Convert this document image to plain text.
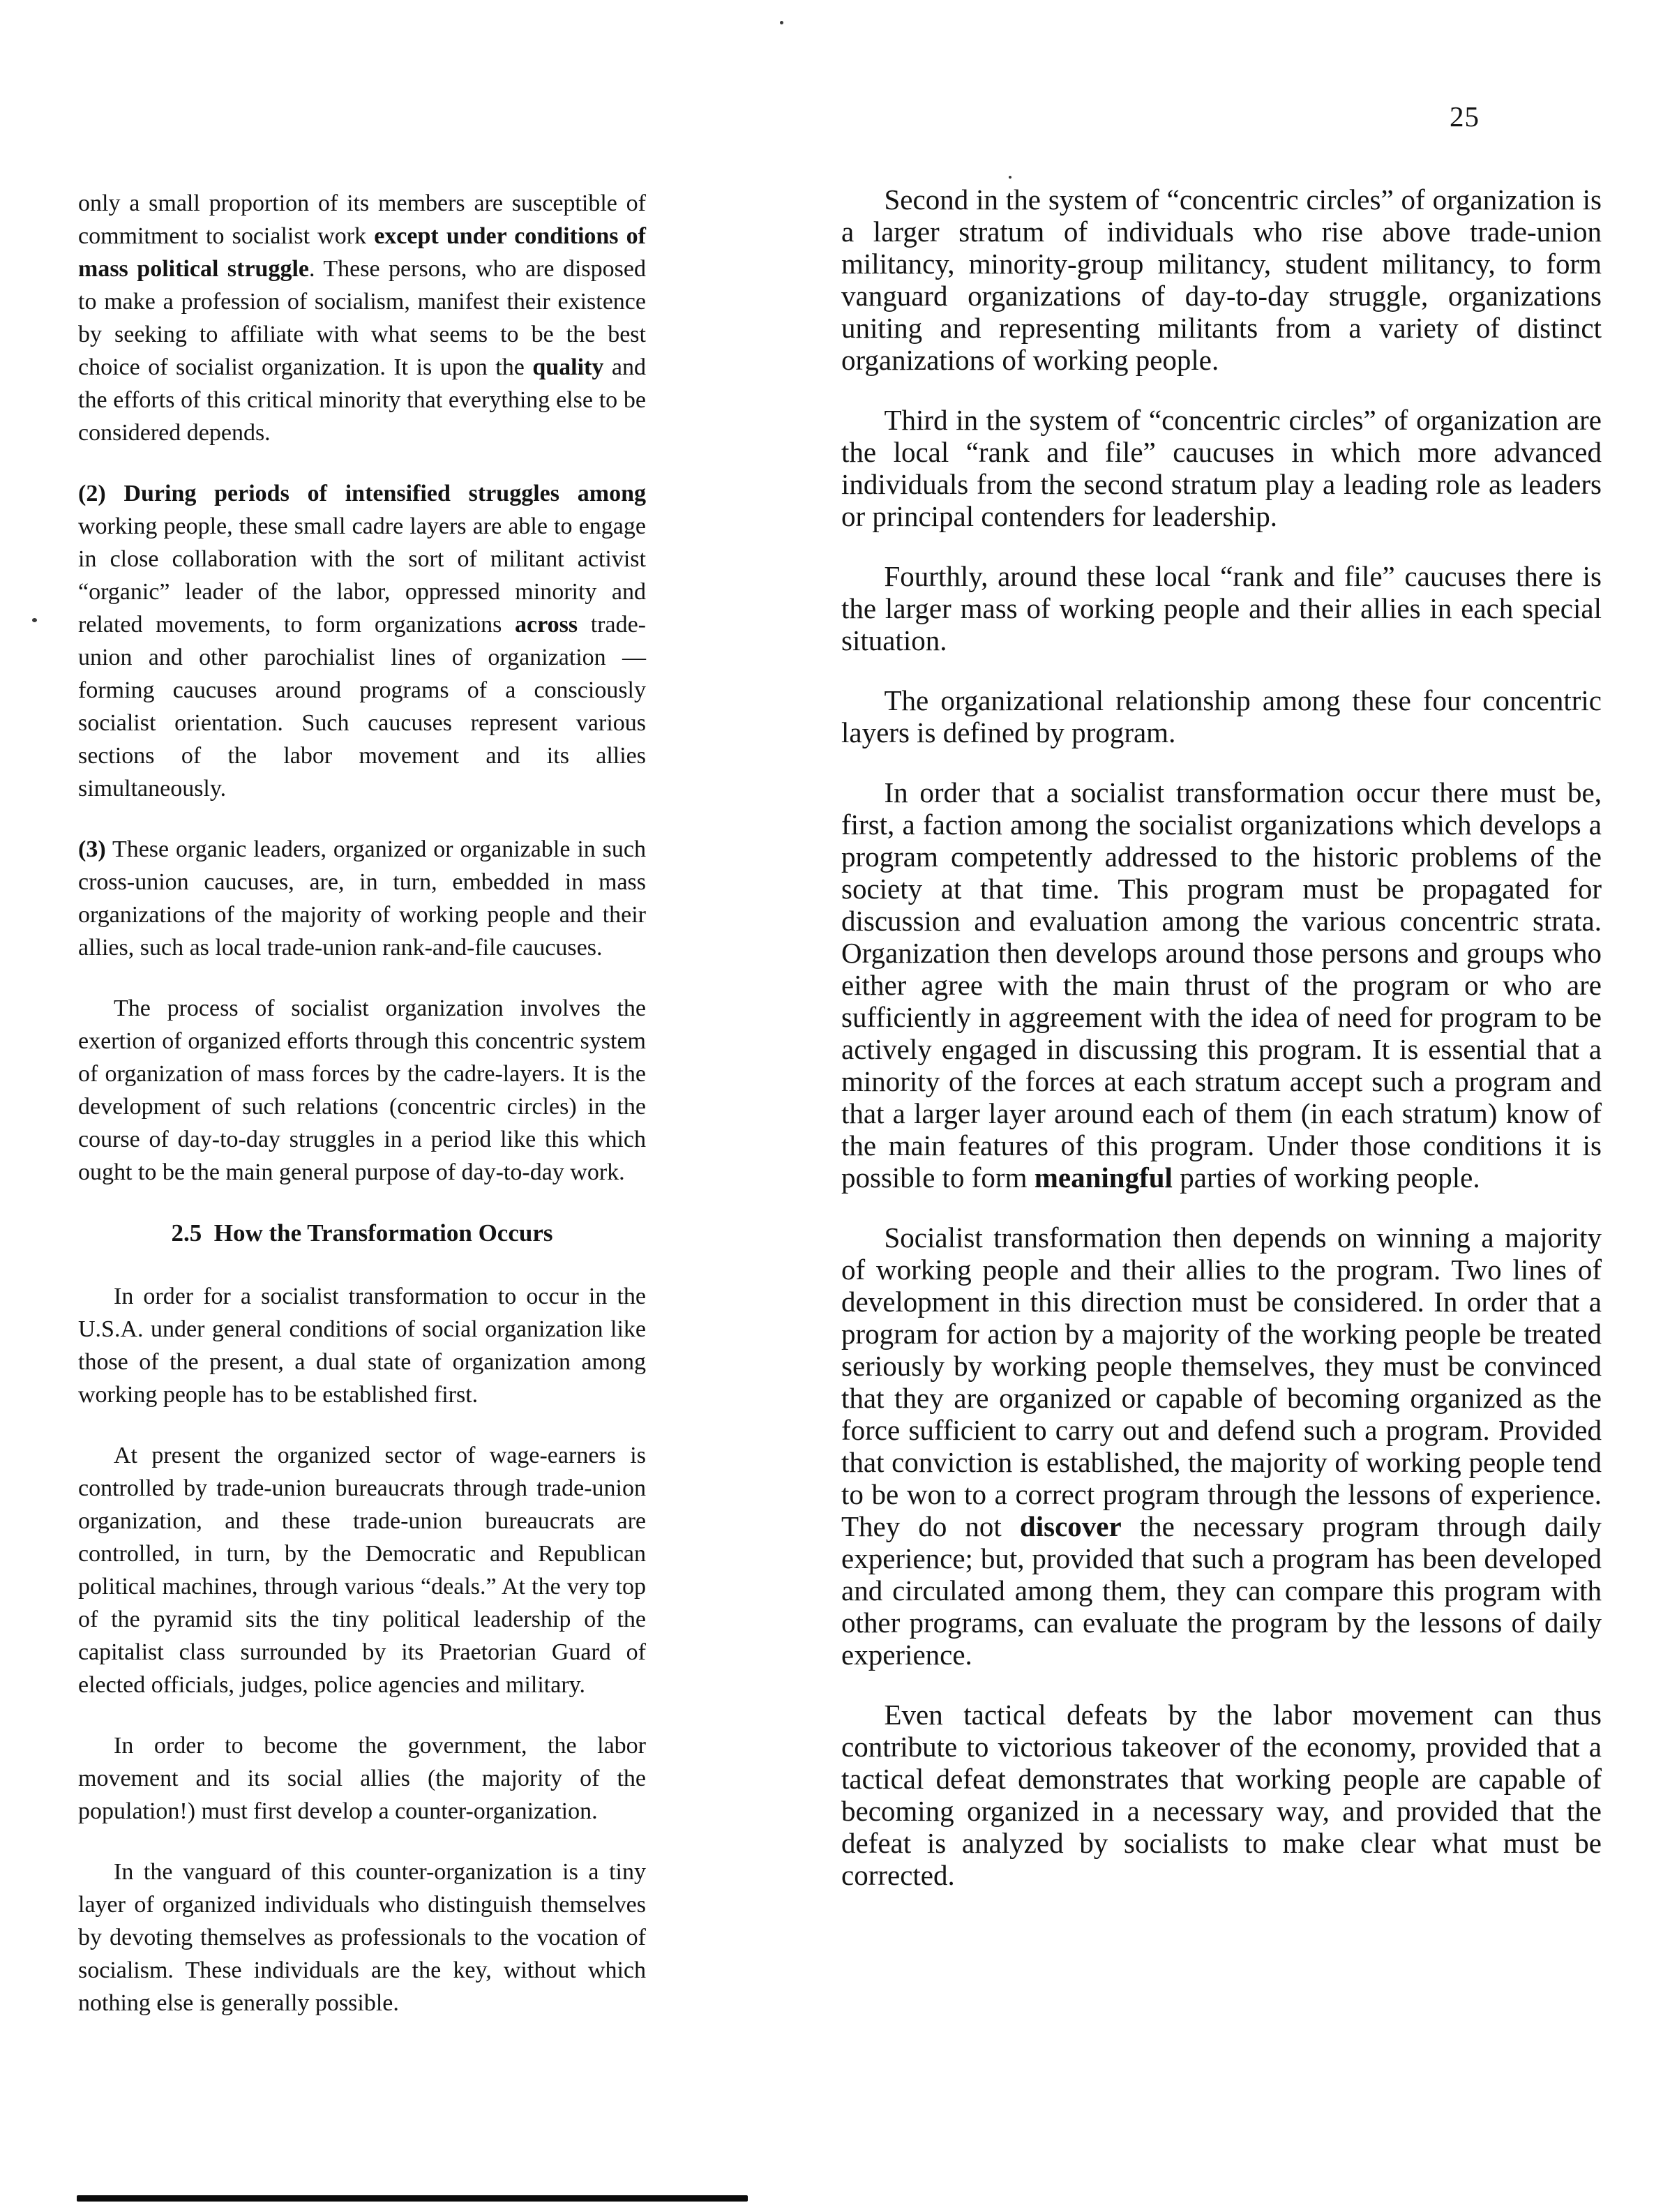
25

only a small proportion of its members are susceptible of commitment to socialist work except under conditions of mass political struggle. These persons, who are disposed to make a profession of socialism, manifest their existence by seeking to affiliate with what seems to be the best choice of socialist organization. It is upon the quality and the efforts of this critical minority that everything else to be considered depends.

(2) During periods of intensified struggles among working people, these small cadre layers are able to engage in close collaboration with the sort of militant activist “organic” leader of the labor, oppressed minority and related movements, to form organizations across trade-union and other parochialist lines of organization — forming caucuses around programs of a consciously socialist orientation. Such caucuses represent various sections of the labor movement and its allies simultaneously.

(3) These organic leaders, organized or organizable in such cross-union caucuses, are, in turn, embedded in mass organizations of the majority of working people and their allies, such as local trade-union rank-and-file caucuses.

The process of socialist organization involves the exertion of organized efforts through this concentric system of organization of mass forces by the cadre-layers. It is the development of such relations (concentric circles) in the course of day-to-day struggles in a period like this which ought to be the main general purpose of day-to-day work.

2.5 How the Transformation Occurs

In order for a socialist transformation to occur in the U.S.A. under general conditions of social organization like those of the present, a dual state of organization among working people has to be established first.

At present the organized sector of wage-earners is controlled by trade-union bureaucrats through trade-union organization, and these trade-union bureaucrats are controlled, in turn, by the Democratic and Republican political machines, through various “deals.” At the very top of the pyramid sits the tiny political leadership of the capitalist class surrounded by its Praetorian Guard of elected officials, judges, police agencies and military.

In order to become the government, the labor movement and its social allies (the majority of the population!) must first develop a counter-organization.

In the vanguard of this counter-organization is a tiny layer of organized individuals who distinguish themselves by devoting themselves as professionals to the vocation of socialism. These individuals are the key, without which nothing else is generally possible.

Second in the system of “concentric circles” of organization is a larger stratum of individuals who rise above trade-union militancy, minority-group militancy, student militancy, to form vanguard organizations of day-to-day struggle, organizations uniting and representing militants from a variety of distinct organizations of working people.

Third in the system of “concentric circles” of organization are the local “rank and file” caucuses in which more advanced individuals from the second stratum play a leading role as leaders or principal contenders for leadership.

Fourthly, around these local “rank and file” caucuses there is the larger mass of working people and their allies in each special situation.

The organizational relationship among these four concentric layers is defined by program.

In order that a socialist transformation occur there must be, first, a faction among the socialist organizations which develops a program competently addressed to the historic problems of the society at that time. This program must be propagated for discussion and evaluation among the various concentric strata. Organization then develops around those persons and groups who either agree with the main thrust of the program or who are sufficiently in aggreement with the idea of need for program to be actively engaged in discussing this program. It is essential that a minority of the forces at each stratum accept such a program and that a larger layer around each of them (in each stratum) know of the main features of this program. Under those conditions it is possible to form meaningful parties of working people.

Socialist transformation then depends on winning a majority of working people and their allies to the program. Two lines of development in this direction must be considered. In order that a program for action by a majority of the working people be treated seriously by working people themselves, they must be convinced that they are organized or capable of becoming organized as the force sufficient to carry out and defend such a program. Provided that conviction is established, the majority of working people tend to be won to a correct program through the lessons of experience. They do not discover the necessary program through daily experience; but, provided that such a program has been developed and circulated among them, they can compare this program with other programs, can evaluate the program by the lessons of daily experience.

Even tactical defeats by the labor movement can thus contribute to victorious takeover of the economy, provided that a tactical defeat demonstrates that working people are capable of becoming organized in a necessary way, and provided that the defeat is analyzed by socialists to make clear what must be corrected.
